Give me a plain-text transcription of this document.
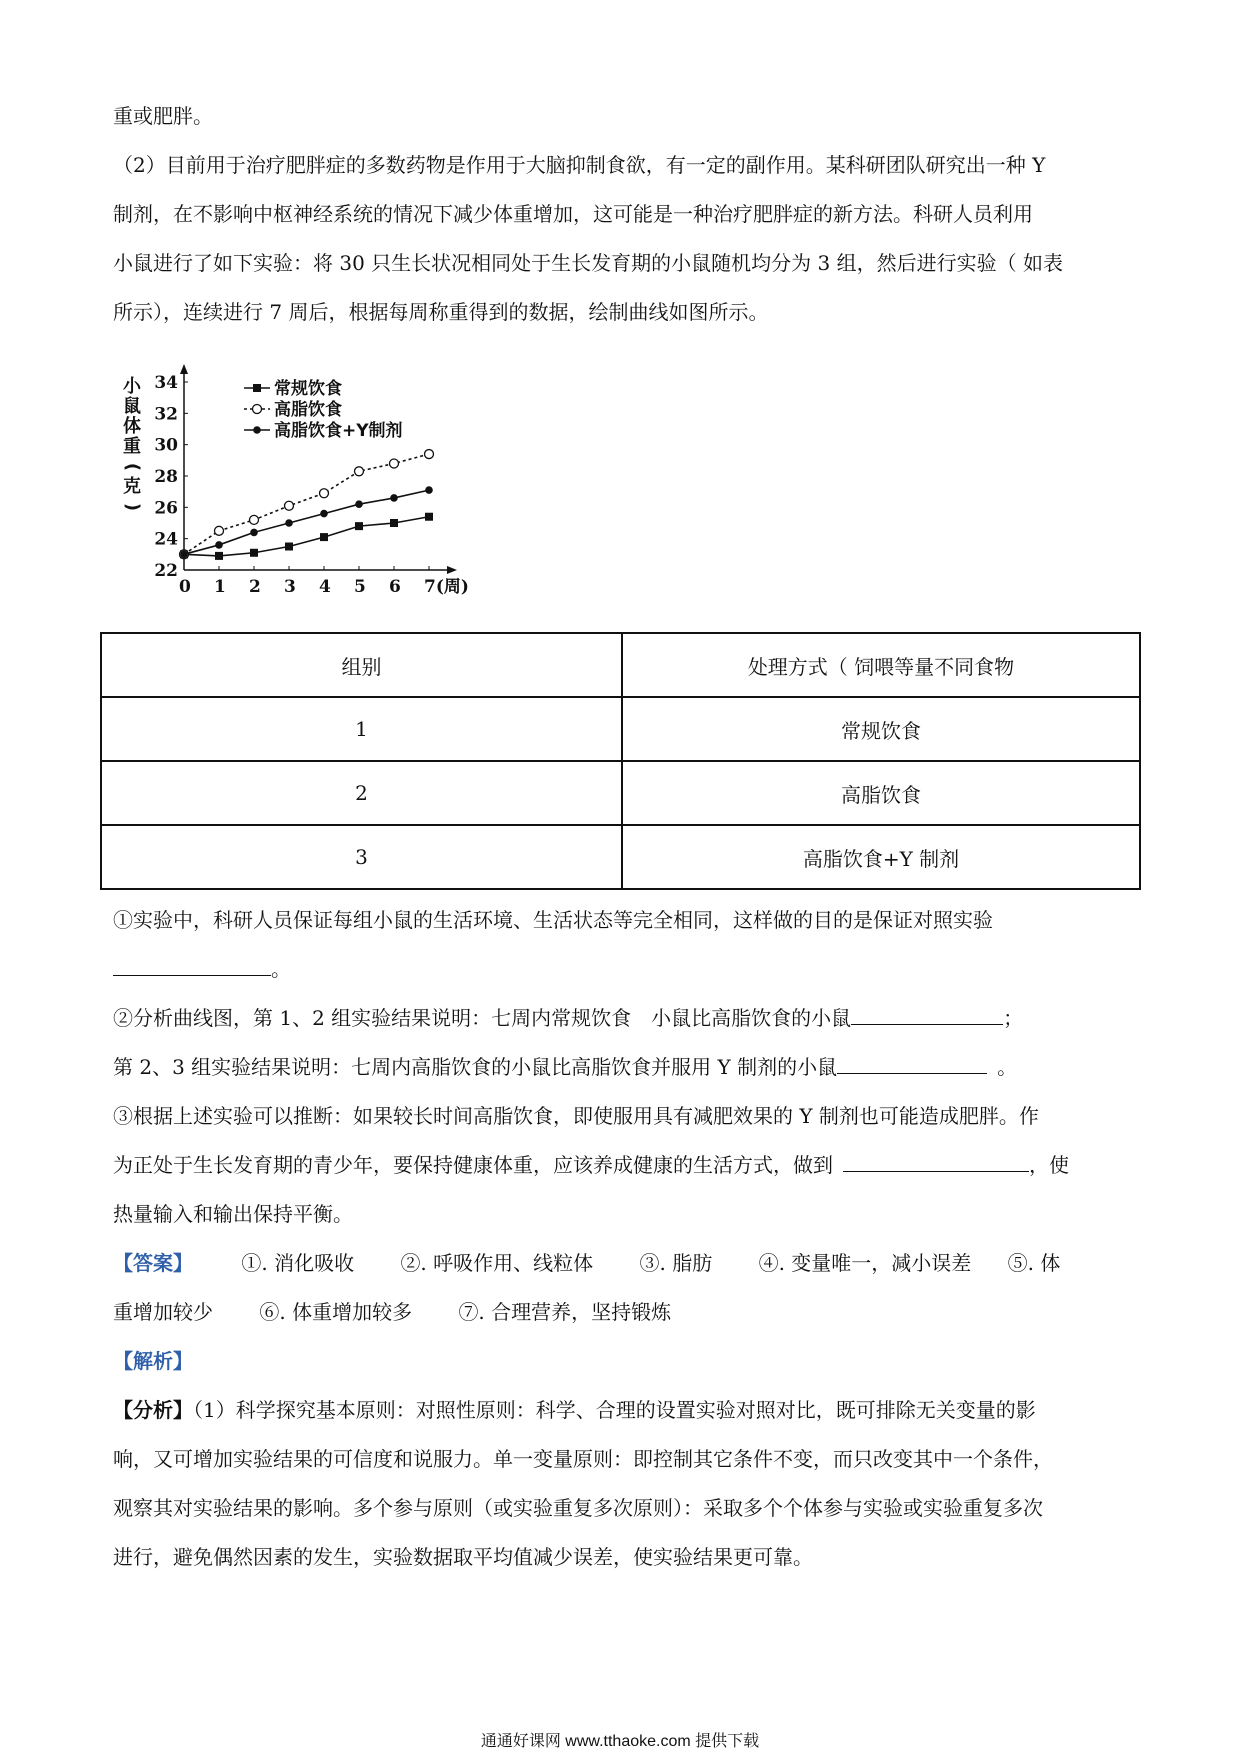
重或肥胖。
（2）目前用于治疗肥胖症的多数药物是作用于大脑抑制食欲，有一定的副作用。某科研团队研究出一种 Y
制剂，在不影响中枢神经系统的情况下减少体重增加，这可能是一种治疗肥胖症的新方法。科研人员利用
小鼠进行了如下实验：将 30 只生长状况相同处于生长发育期的小鼠随机均分为 3 组，然后进行实验（ 如表
所示），连续进行 7 周后，根据每周称重得到的数据，绘制曲线如图所示。
22
24
26
28
30
32
34
0 1 2 3 4 5 6 7(周)
小
鼠
体
重
(
克
)
常规饮食
高脂饮食
高脂饮食+Y制剂
组别	处理方式（ 饲喂等量不同食物
1	常规饮食
2	高脂饮食
3	高脂饮食+Y 制剂
①实验中，科研人员保证每组小鼠的生活环境、生活状态等完全相同，这样做的目的是保证对照实验
。
②分析曲线图，第 1、2 组实验结果说明：七周内常规饮食　小鼠比高脂饮食的小鼠	；
第 2、3 组实验结果说明：七周内高脂饮食的小鼠比高脂饮食并服用 Y 制剂的小鼠	。
③根据上述实验可以推断：如果较长时间高脂饮食，即使服用具有减肥效果的 Y 制剂也可能造成肥胖。作
为正处于生长发育期的青少年，要保持健康体重，应该养成健康的生活方式，做到	，使
热量输入和输出保持平衡。
【答案】 ①. 消化吸收 ②. 呼吸作用、线粒体 ③. 脂肪 ④. 变量唯一，减小误差 ⑤. 体
重增加较少 ⑥. 体重增加较多 ⑦. 合理营养，坚持锻炼
【解析】
【分析】（1）科学探究基本原则：对照性原则：科学、合理的设置实验对照对比，既可排除无关变量的影
响，又可增加实验结果的可信度和说服力。单一变量原则：即控制其它条件不变，而只改变其中一个条件，
观察其对实验结果的影响。多个参与原则（或实验重复多次原则）：采取多个个体参与实验或实验重复多次
进行，避免偶然因素的发生，实验数据取平均值减少误差，使实验结果更可靠。
通通好课网 www.tthaoke.com 提供下载
